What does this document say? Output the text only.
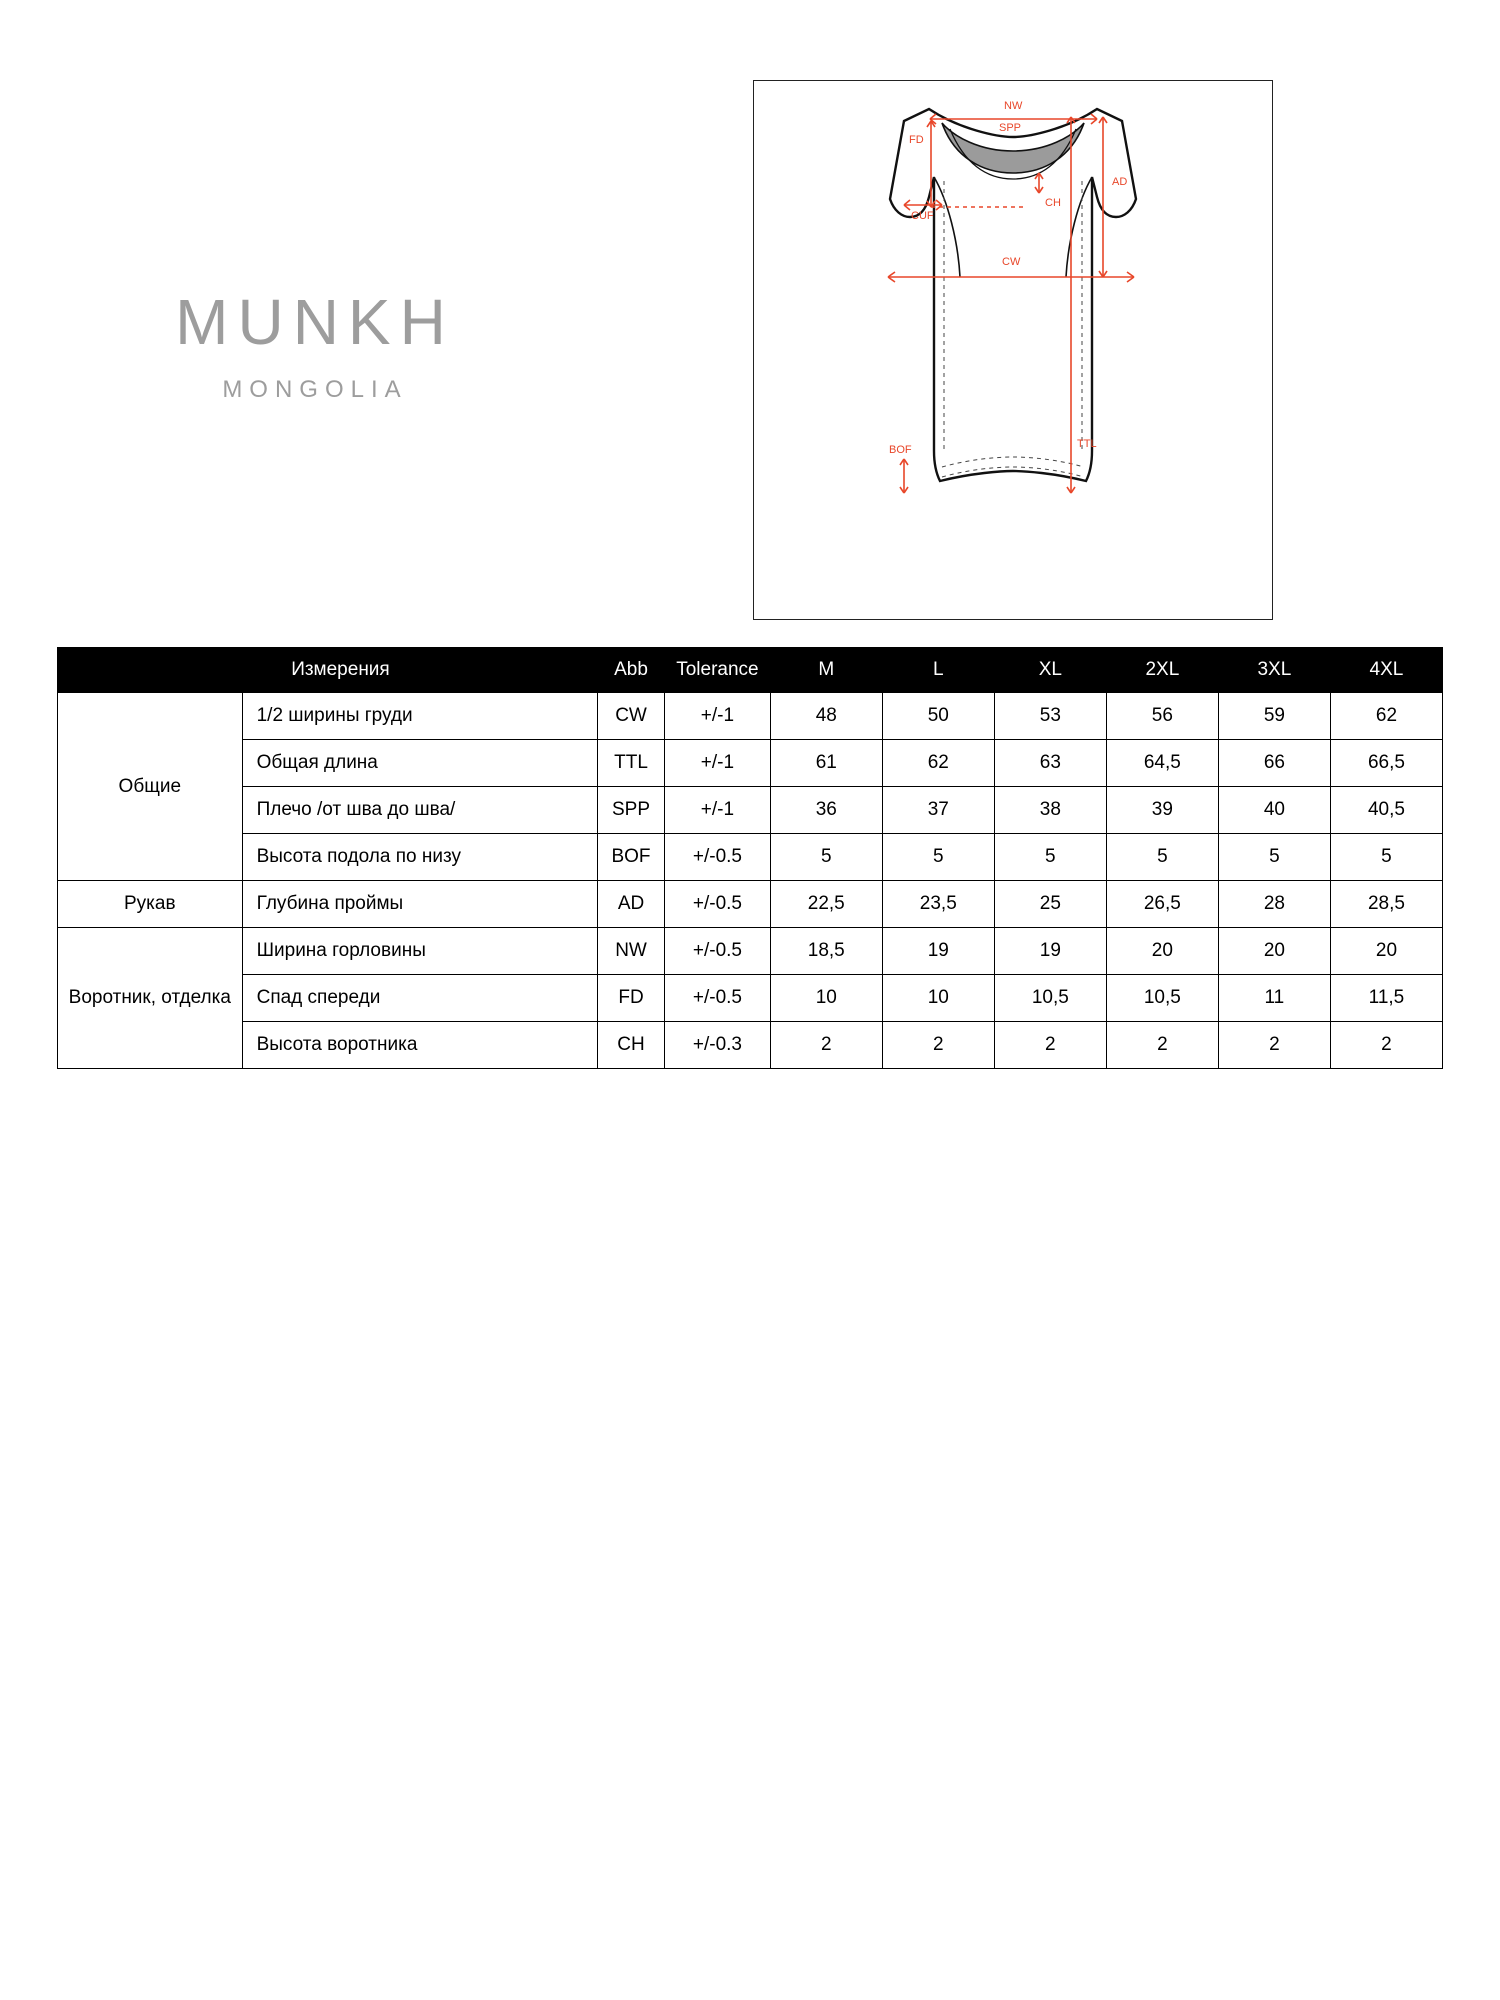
MUNKH
MONGOLIA
NW
SPP
FD
CH
AD
CUF
CW
TTL
BOF
Измерения		Abb	Tolerance	M	L	XL	2XL	3XL	4XL
Общие	1/2 ширины груди	CW	+/-1	48	50	53	56	59	62
	Общая длина	TTL	+/-1	61	62	63	64,5	66	66,5
	Плечо /от шва до шва/	SPP	+/-1	36	37	38	39	40	40,5
	Высота подола по низу	BOF	+/-0.5	5	5	5	5	5	5
Рукав	Глубина проймы	AD	+/-0.5	22,5	23,5	25	26,5	28	28,5
Воротник, отделка	Ширина горловины	NW	+/-0.5	18,5	19	19	20	20	20
	Спад спереди	FD	+/-0.5	10	10	10,5	10,5	11	11,5
	Высота воротника	CH	+/-0.3	2	2	2	2	2	2
